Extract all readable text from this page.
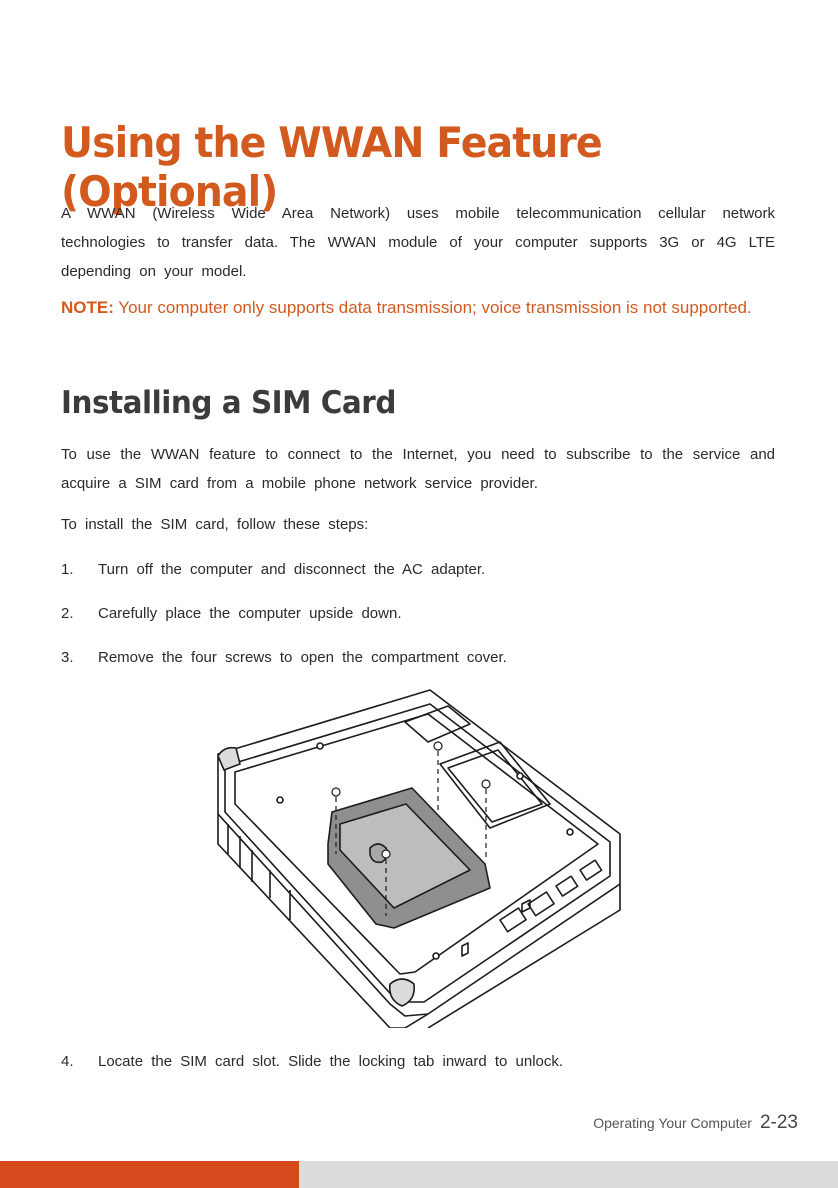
Using the WWAN Feature (Optional)

A WWAN (Wireless Wide Area Network) uses mobile telecommunication cellular network technologies to transfer data. The WWAN module of your computer supports 3G or 4G LTE depending on your model.

NOTE: Your computer only supports data transmission; voice transmission is not supported.

Installing a SIM Card

To use the WWAN feature to connect to the Internet, you need to subscribe to the service and acquire a SIM card from a mobile phone network service provider.

To install the SIM card, follow these steps:

1. Turn off the computer and disconnect the AC adapter.

2. Carefully place the computer upside down.

3. Remove the four screws to open the compartment cover.

4. Locate the SIM card slot. Slide the locking tab inward to unlock.

Operating Your Computer 2-23
